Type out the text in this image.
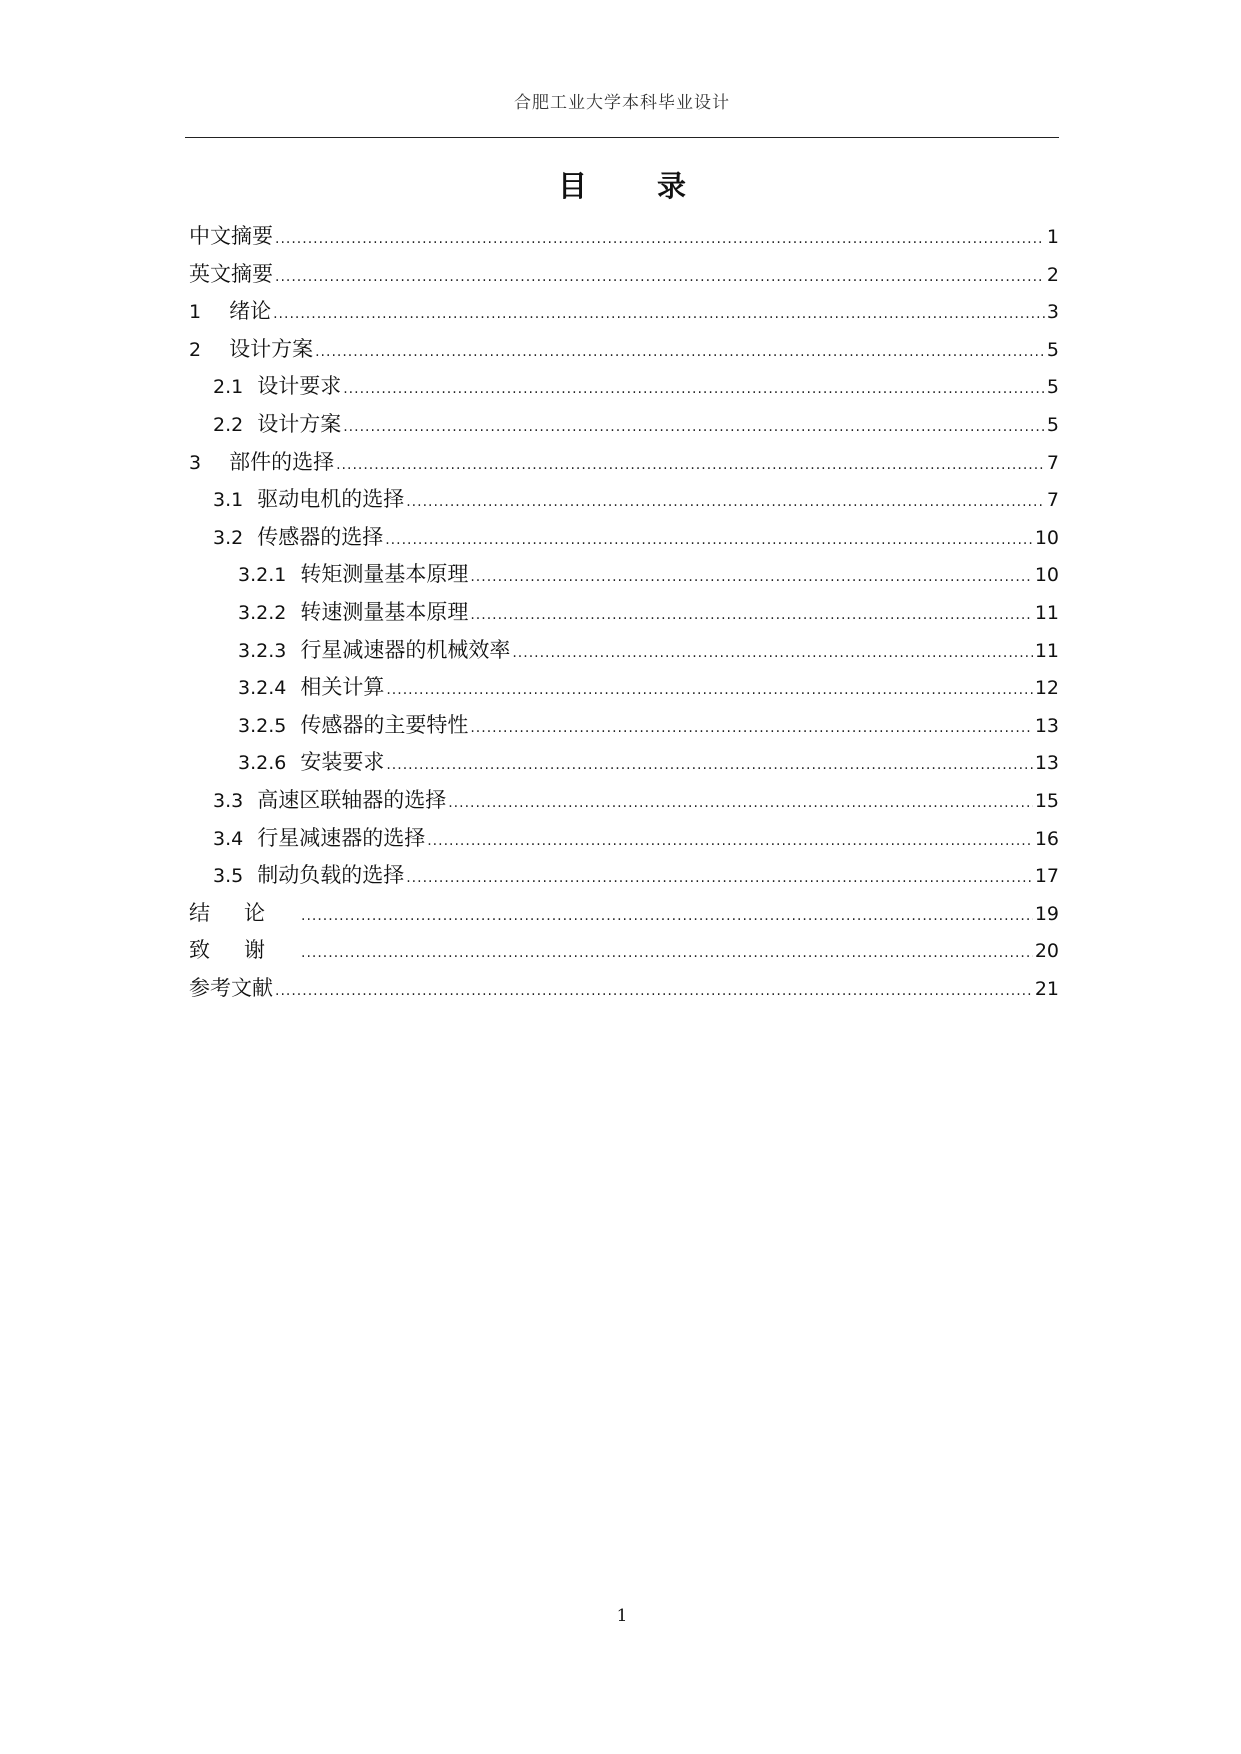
合肥工业大学本科毕业设计
目 录
中文摘要 .....	1
英文摘要 .....	2
1 绪论 .....	3
2 设计方案 .....	5
2.1 设计要求 .....	5
2.2 设计方案 .....	5
3 部件的选择 .....	7
3.1 驱动电机的选择 .....	7
3.2 传感器的选择 .....	10
3.2.1 转矩测量基本原理 .....	10
3.2.2 转速测量基本原理 .....	11
3.2.3 行星减速器的机械效率 .....	11
3.2.4 相关计算 .....	12
3.2.5 传感器的主要特性 .....	13
3.2.6 安装要求 .....	13
3.3 高速区联轴器的选择 .....	15
3.4 行星减速器的选择 .....	16
3.5 制动负载的选择 .....	17
结论 .....	19
致谢 .....	20
参考文献 .....	21
1
